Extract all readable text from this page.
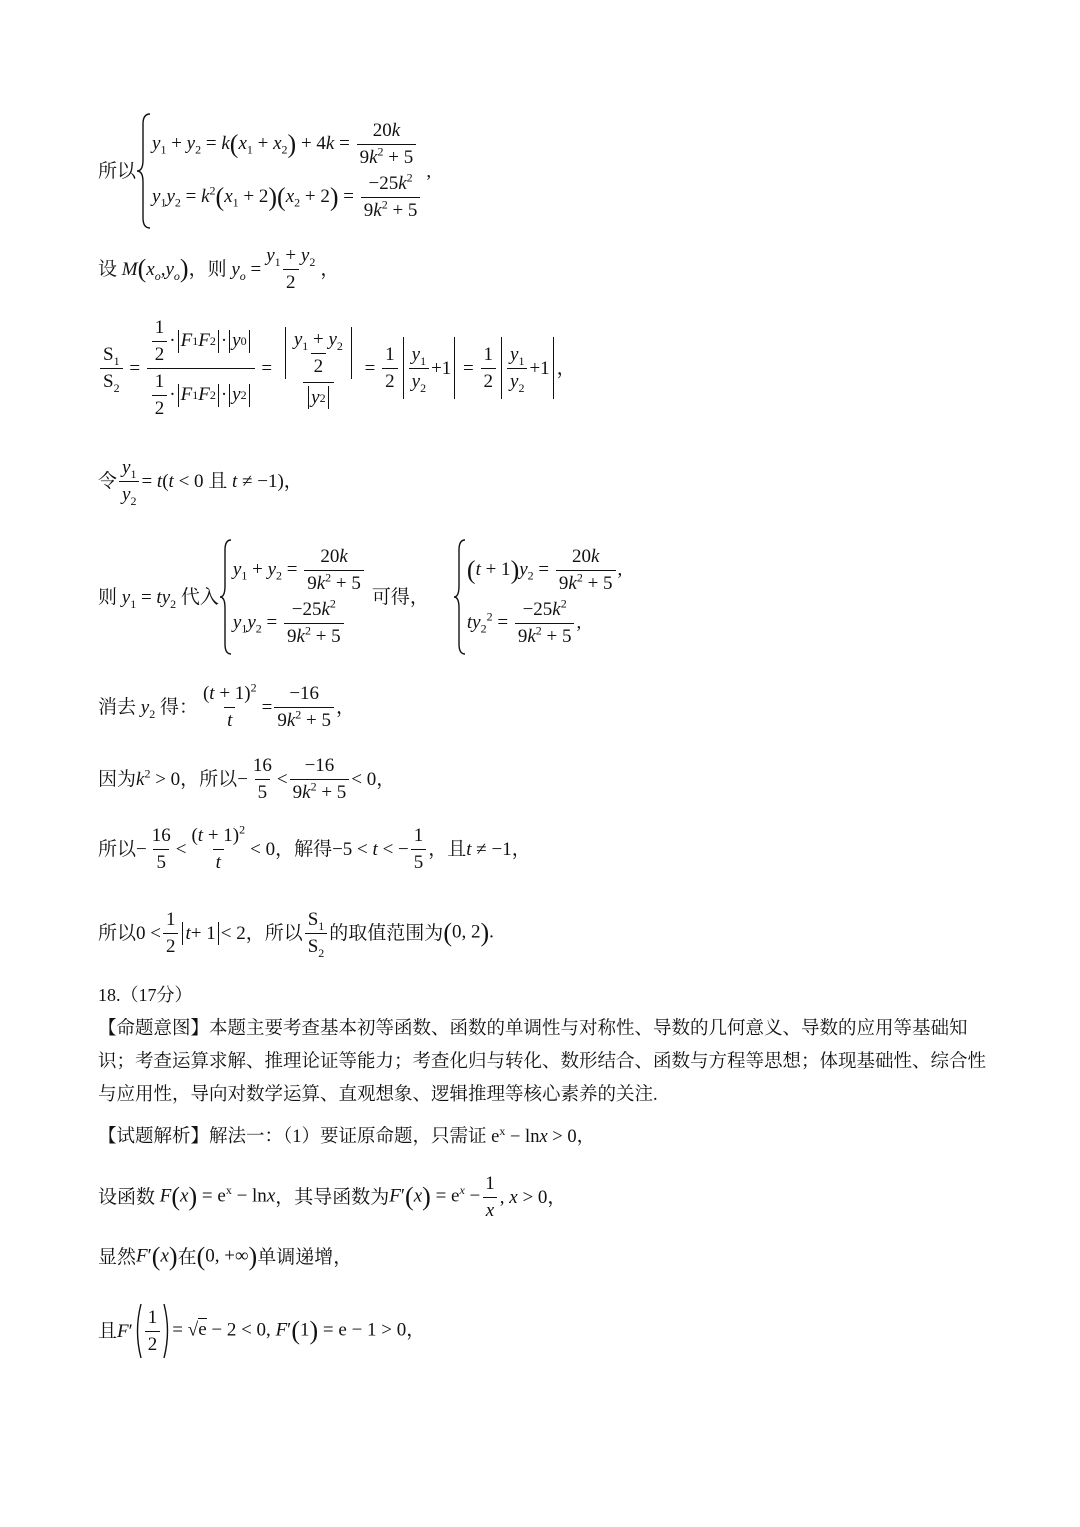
所以
$y_1 + y_2 = k(x_1 + x_2) + 4k = \frac{20k}{9k^2 + 5}$
$y_1y_2 = k^2(x_1 + 2)(x_2 + 2) = \frac{-25k^2}{9k^2 + 5}$
,
设 M ( $x_o$ , $y_o$ ) ，则 $y_o = \frac{y_1 + y_2}{2}$ ，
$\frac{S_1}{S_2} = \frac{\frac{1}{2} \cdot F 1 F 2 \cdot y 0}{\frac{1}{2} \cdot F 1 F 2 \cdot y 2} = \frac{\frac{y_1 + y_2}{2}}{y 2} = \frac{1}{2} \frac{y_1}{y_2} +1 = \frac{1}{2} \frac{y_1}{y_2} +1$ ，
令 $\frac{y_1}{y_2} = t(t < 0$ 且 t ≠ −1)，
则 $y_1 = ty_2$ 代入
$y_1 + y_2 = \frac{20k}{9k^2 + 5}$
$y_1y_2 = \frac{-25k^2}{9k^2 + 5}$
可得，
$(t + 1)y_2 = \frac{20k}{9k^2 + 5}$ ,
$ty_2^2 = \frac{-25k^2}{9k^2 + 5}$ ,
消去 $y_2$ 得： $\frac{(t + 1)^2}{t} = \frac{-16}{9k^2 + 5}$ ，
因为 $k^2 > 0$ ，所以 − $\frac{16}{5} < \frac{-16}{9k^2 + 5} < 0$，
所以 − $\frac{16}{5} < \frac{(t + 1)^2}{t} < 0$ ，解得 −5 < t < − $\frac{1}{5}$ ，且 t ≠ −1，
所以 $0 < \frac{1}{2}$ t + 1 < 2 ，所以 $\frac{S_1}{S_2}$ 的取值范围为 (0, 2).
18.（17分）
【命题意图】本题主要考查基本初等函数、函数的单调性与对称性、导数的几何意义、导数的应用等基础知识；考查运算求解、推理论证等能力；考查化归与转化、数形结合、函数与方程等思想；体现基础性、综合性与应用性，导向对数学运算、直观想象、逻辑推理等核心素养的关注.
【试题解析】 解法一：（1）要证原命题，只需证 $e^x - \ln x > 0$，
设函数 $F(x) = e^x - \ln x$ ，其导函数为 $F'(x) = e^x - \frac{1}{x}$ , x > 0，
显然 F′(x) 在 (0, +∞) 单调递增，
且 $F' \frac{1}{2} = √e - 2 < 0$, F′(1) = e − 1 > 0，
